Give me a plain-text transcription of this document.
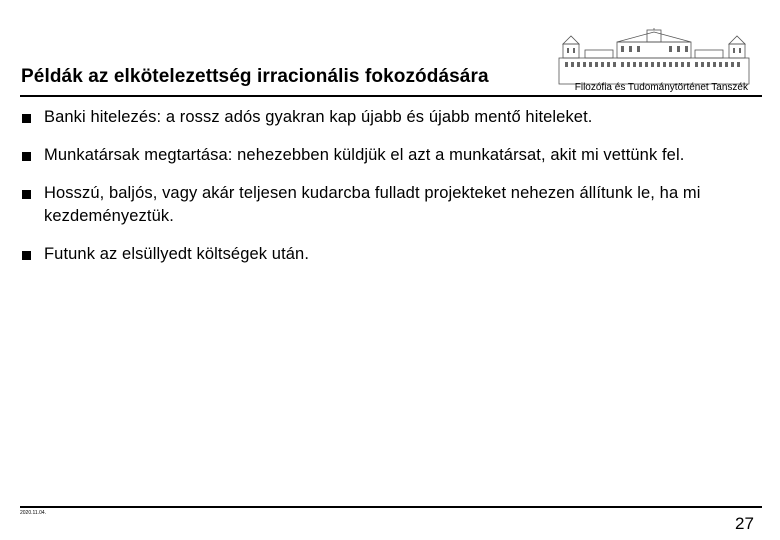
Filozófia és Tudománytörténet Tanszék
Példák az elkötelezettség irracionális fokozódására
Banki hitelezés: a rossz adós gyakran kap újabb és újabb mentő hiteleket.
Munkatársak megtartása: nehezebben küldjük el azt a munkatársat, akit mi vettünk fel.
Hosszú, baljós, vagy akár teljesen kudarcba fulladt projekteket nehezen állítunk le, ha mi kezdeményeztük.
Futunk az elsüllyedt költségek után.
2020.11.04.
27
